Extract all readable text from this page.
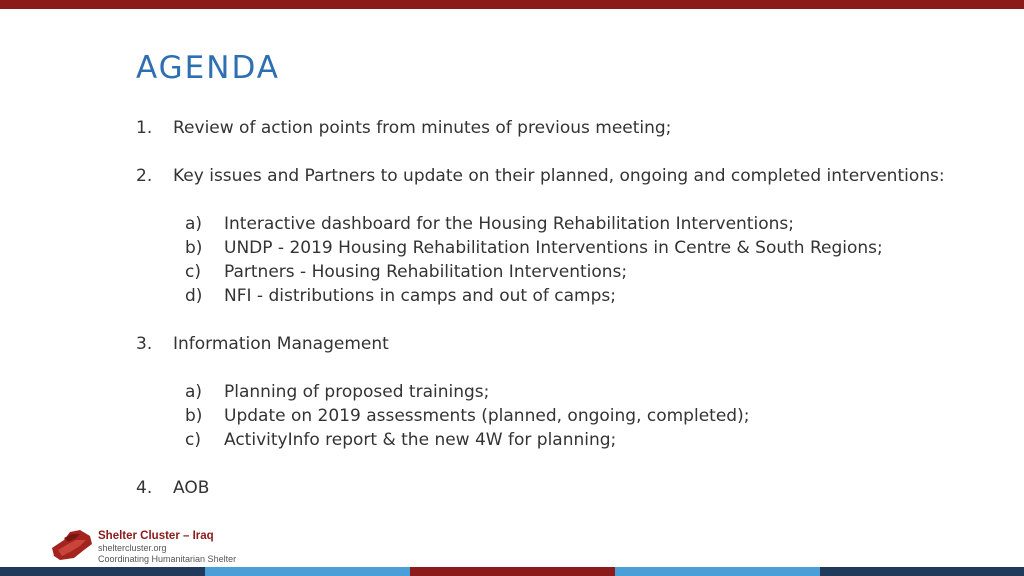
AGENDA
1. Review of action points from minutes of previous meeting;
2. Key issues and Partners to update on their planned, ongoing and completed interventions:
a) Interactive dashboard for the Housing Rehabilitation Interventions;
b) UNDP - 2019 Housing Rehabilitation Interventions in Centre & South Regions;
c) Partners - Housing Rehabilitation Interventions;
d) NFI - distributions in camps and out of camps;
3. Information Management
a) Planning of proposed trainings;
b) Update on 2019 assessments (planned, ongoing, completed);
c) ActivityInfo report & the new 4W for planning;
4. AOB
Shelter Cluster – Iraq
sheltercluster.org
Coordinating Humanitarian Shelter
